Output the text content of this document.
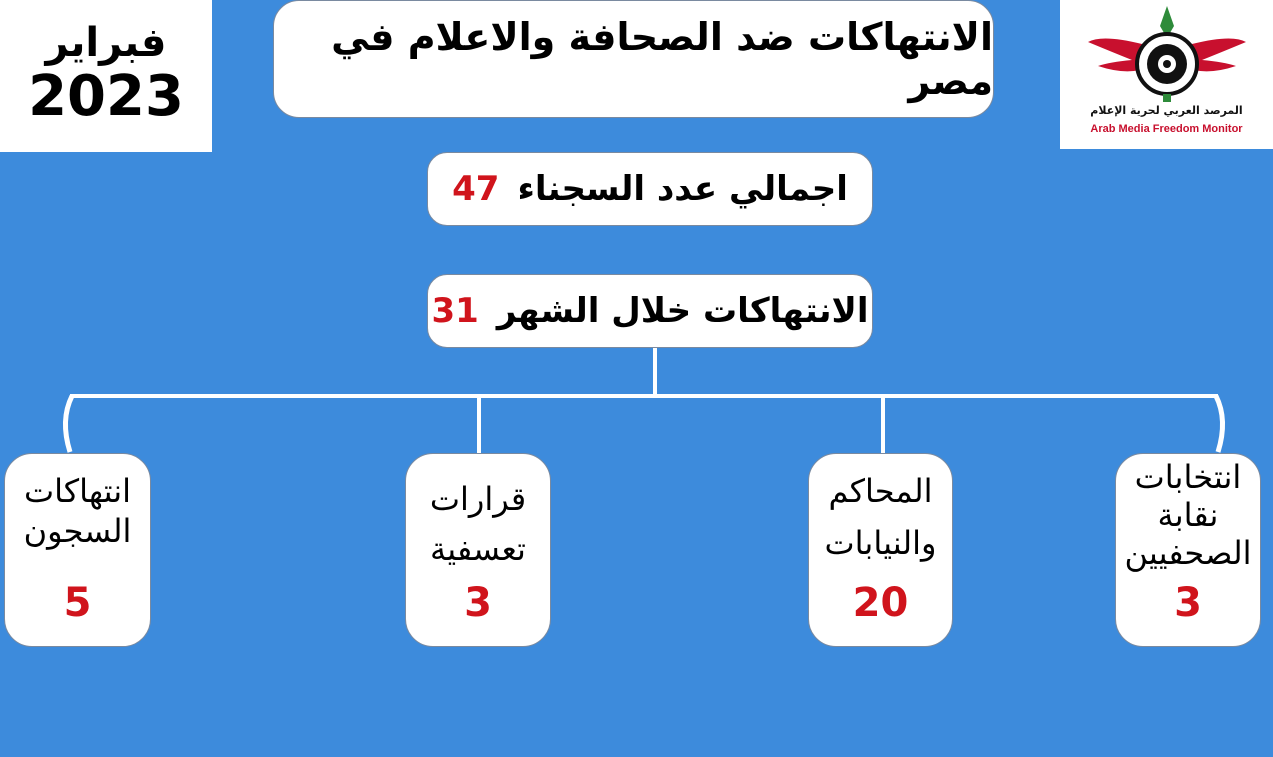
فبراير
2023
الانتهاكات ضد الصحافة والاعلام في مصر
المرصد العربي لحرية الإعلام
Arab Media Freedom Monitor
اجمالي عدد السجناء
47
الانتهاكات خلال الشهر
31
انتخابات
نقابة
الصحفيين
3
المحاكم
والنيابات
20
قرارات
تعسفية
3
انتهاكات
السجون
5
